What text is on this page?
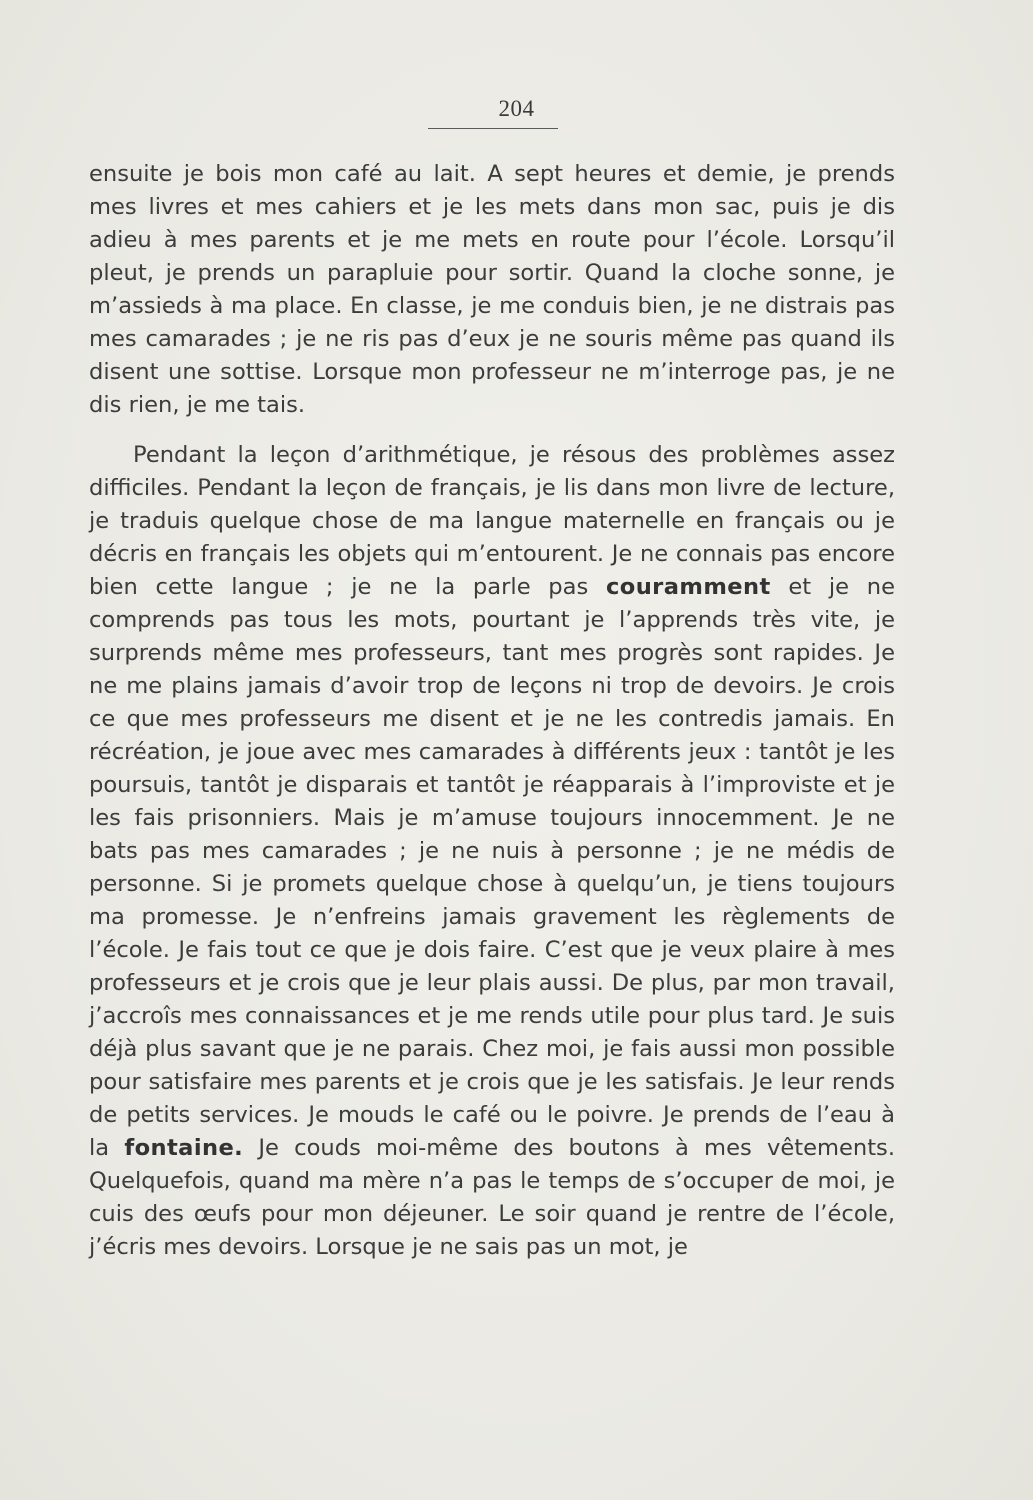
204

ensuite je bois mon café au lait. A sept heures et demie, je prends mes livres et mes cahiers et je les mets dans mon sac, puis je dis adieu à mes parents et je me mets en route pour l’école. Lorsqu’il pleut, je prends un parapluie pour sortir. Quand la cloche sonne, je m’assieds à ma place. En classe, je me conduis bien, je ne distrais pas mes camarades ; je ne ris pas d’eux je ne souris même pas quand ils disent une sottise. Lorsque mon professeur ne m’interroge pas, je ne dis rien, je me tais.

Pendant la leçon d’arithmétique, je résous des problèmes assez difficiles. Pendant la leçon de français, je lis dans mon livre de lecture, je traduis quelque chose de ma langue maternelle en français ou je décris en français les objets qui m’entourent. Je ne connais pas encore bien cette langue ; je ne la parle pas couramment et je ne comprends pas tous les mots, pourtant je l’apprends très vite, je surprends même mes professeurs, tant mes progrès sont rapides. Je ne me plains jamais d’avoir trop de leçons ni trop de devoirs. Je crois ce que mes professeurs me disent et je ne les contredis jamais. En récréation, je joue avec mes camarades à différents jeux : tantôt je les poursuis, tantôt je disparais et tantôt je réapparais à l’improviste et je les fais prisonniers. Mais je m’amuse toujours innocemment. Je ne bats pas mes camarades ; je ne nuis à personne ; je ne médis de personne. Si je promets quelque chose à quelqu’un, je tiens toujours ma promesse. Je n’enfreins jamais gravement les règlements de l’école. Je fais tout ce que je dois faire. C’est que je veux plaire à mes professeurs et je crois que je leur plais aussi. De plus, par mon travail, j’accroîs mes connaissances et je me rends utile pour plus tard. Je suis déjà plus savant que je ne parais. Chez moi, je fais aussi mon possible pour satisfaire mes parents et je crois que je les satisfais. Je leur rends de petits services. Je mouds le café ou le poivre. Je prends de l’eau à la fontaine. Je couds moi-même des boutons à mes vêtements. Quelquefois, quand ma mère n’a pas le temps de s’occuper de moi, je cuis des œufs pour mon déjeuner. Le soir quand je rentre de l’école, j’écris mes devoirs. Lorsque je ne sais pas un mot, je
